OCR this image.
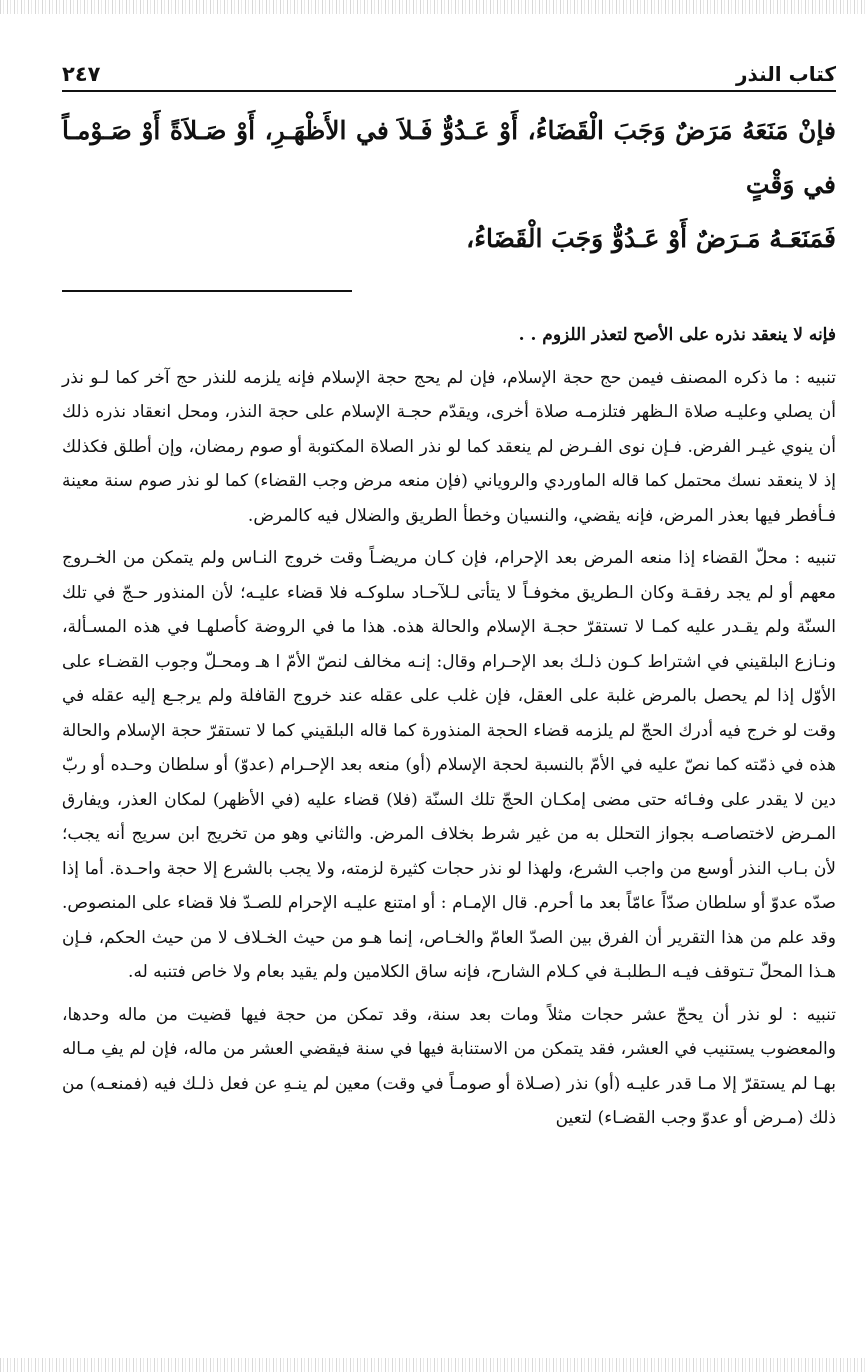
كتاب النذر
٢٤٧

فإنْ مَنَعَهُ مَرَضٌ وَجَبَ الْقَضَاءُ، أَوْ عَـدُوٌّ فَـلاَ في الأَظْهَـرِ، أَوْ صَـلاَةً أَوْ صَـوْمـاً في وَقْتٍ

فَمَنَعَـهُ مَـرَضٌ أَوْ عَـدُوٌّ وَجَبَ الْقَضَاءُ،

فإنه لا ينعقد نذره على الأصح لتعذر اللزوم . .

تنبيه : ما ذكره المصنف فيمن حج حجة الإسلام، فإن لم يحج حجة الإسلام فإنه يلزمه للنذر حج آخر كما لـو نذر أن يصلي وعليـه صلاة الـظهر فتلزمـه صلاة أخرى، ويقدّم حجـة الإسلام على حجة النذر، ومحل انعقاد نذره ذلك أن ينوي غيـر الفرض. فـإن نوى الفـرض لم ينعقد كما لو نذر الصلاة المكتوبة أو صوم رمضان، وإن أطلق فكذلك إذ لا ينعقد نسك محتمل كما قاله الماوردي والروياني (فإن منعه مرض وجب القضاء) كما لو نذر صوم سنة معينة فـأفطر فيها بعذر المرض، فإنه يقضي، والنسيان وخطأ الطريق والضلال فيه كالمرض.

تنبيه : محلّ القضاء إذا منعه المرض بعد الإحرام، فإن كـان مريضـاً وقت خروج النـاس ولم يتمكن من الخـروج معهم أو لم يجد رفقـة وكان الـطريق مخوفـاً لا يتأتى لـلآحـاد سلوكـه فلا قضاء عليـه؛ لأن المنذور حـجّ في تلك السنّة ولم يقـدر عليه كمـا لا تستقرّ حجـة الإسلام والحالة هذه. هذا ما في الروضة كأصلهـا في هذه المسـألة، ونـازع البلقيني في اشتراط كـون ذلـك بعد الإحـرام وقال: إنـه مخالف لنصّ الأمّ ا هـ ومحـلّ وجوب القضـاء على الأوّل إذا لم يحصل بالمرض غلبة على العقل، فإن غلب على عقله عند خروج القافلة ولم يرجـع إليه عقله في وقت لو خرج فيه أدرك الحجّ لم يلزمه قضاء الحجة المنذورة كما قاله البلقيني كما لا تستقرّ حجة الإسلام والحالة هذه في ذمّته كما نصّ عليه في الأمّ بالنسبة لحجة الإسلام (أو) منعه بعد الإحـرام (عدوّ) أو سلطان وحـده أو ربّ دين لا يقدر على وفـائه حتى مضى إمكـان الحجّ تلك السنّة (فلا) قضاء عليه (في الأظهر) لمكان العذر، ويفارق المـرض لاختصاصـه بجواز التحلل به من غير شرط بخلاف المرض. والثاني وهو من تخريج ابن سريج أنه يجب؛ لأن بـاب النذر أوسع من واجب الشرع، ولهذا لو نذر حجات كثيرة لزمته، ولا يجب بالشرع إلا حجة واحـدة. أما إذا صدّه عدوّ أو سلطان صدّاً عامّاً بعد ما أحرم. قال الإمـام : أو امتنع عليـه الإحرام للصـدّ فلا قضاء على المنصوص. وقد علم من هذا التقرير أن الفرق بين الصدّ العامّ والخـاص، إنما هـو من حيث الخـلاف لا من حيث الحكم، فـإن هـذا المحلّ تـتوقف فيـه الـطلبـة في كـلام الشارح، فإنه ساق الكلامين ولم يقيد بعام ولا خاص فتنبه له.

تنبيه : لو نذر أن يحجّ عشر حجات مثلاً ومات بعد سنة، وقد تمكن من حجة فيها قضيت من ماله وحدها، والمعضوب يستنيب في العشر، فقد يتمكن من الاستنابة فيها في سنة فيقضي العشر من ماله، فإن لم يفِ مـاله بهـا لم يستقرّ إلا مـا قدر عليـه (أو) نذر (صـلاة أو صومـاً في وقت) معين لم ينـهِ عن فعل ذلـك فيه (فمنعـه) من ذلك (مـرض أو عدوّ وجب القضـاء) لتعين
